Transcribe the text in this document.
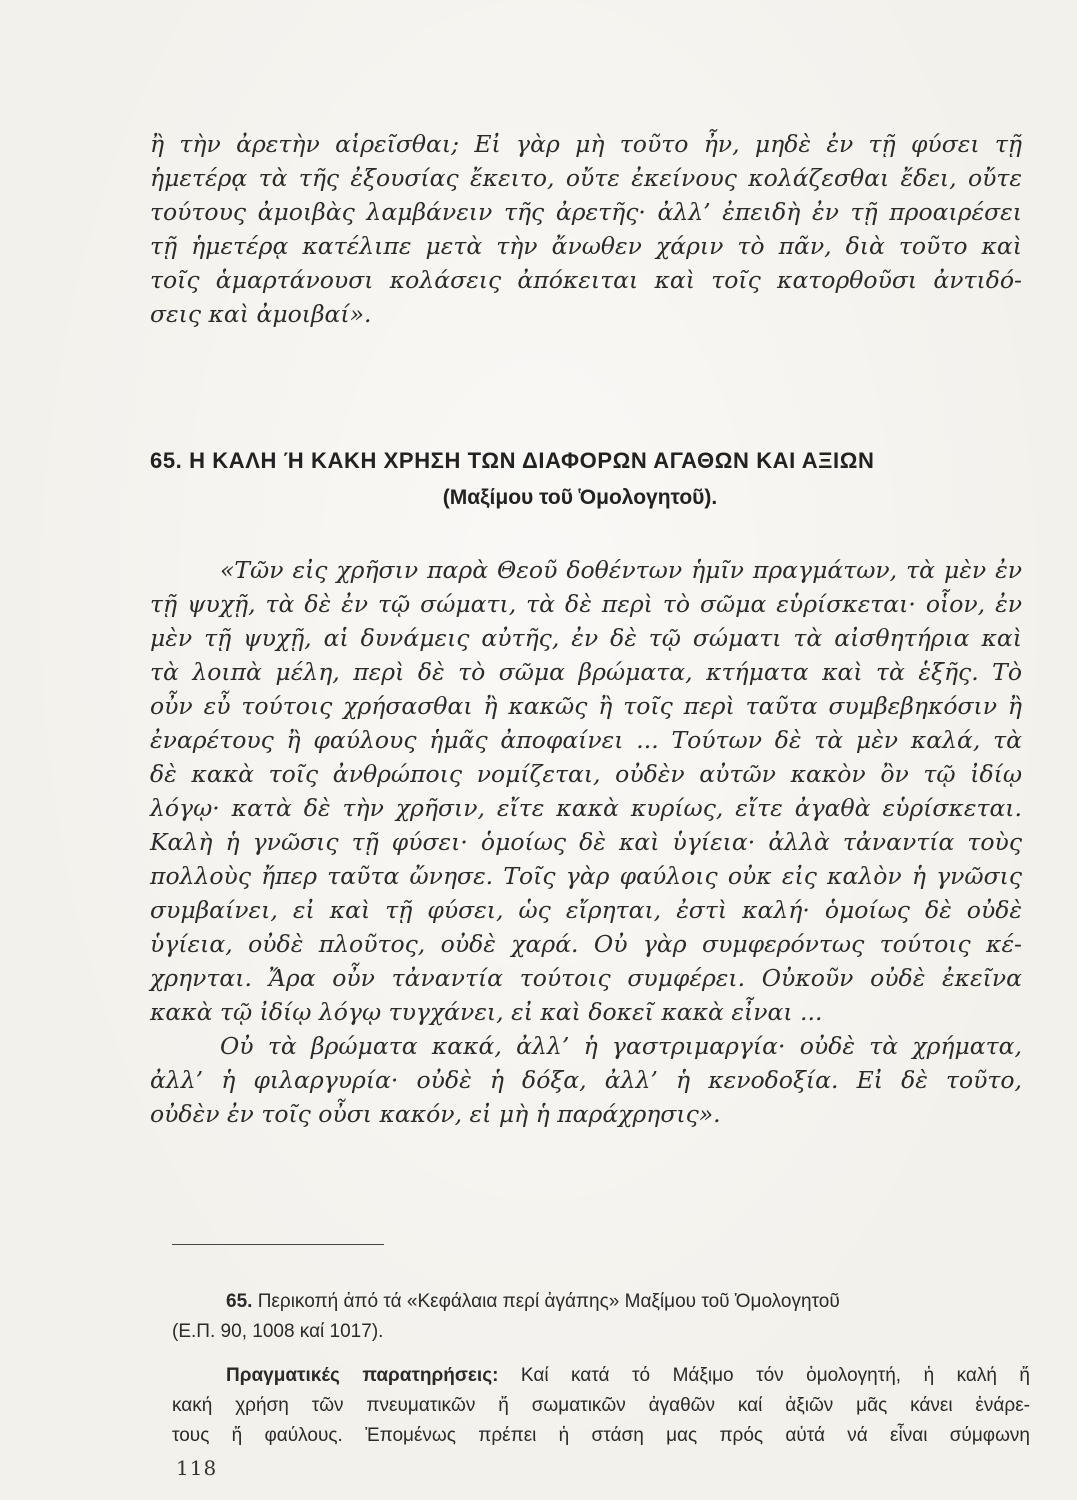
ἢ τὴν ἀρετὴν αἱρεῖσθαι; Εἰ γὰρ μὴ τοῦτο ἦν, μηδὲ ἐν τῇ φύσει τῇ
ἡμετέρᾳ τὰ τῆς ἐξουσίας ἔκειτο, οὔτε ἐκείνους κολάζεσθαι ἔδει, οὔτε
τούτους ἀμοιβὰς λαμβάνειν τῆς ἀρετῆς· ἀλλ’ ἐπειδὴ ἐν τῇ προαιρέσει
τῇ ἡμετέρᾳ κατέλιπε μετὰ τὴν ἄνωθεν χάριν τὸ πᾶν, διὰ τοῦτο καὶ
τοῖς ἁμαρτάνουσι κολάσεις ἀπόκειται καὶ τοῖς κατορθοῦσι ἀντιδό-
σεις καὶ ἀμοιβαί».
65. Η ΚΑΛΗ Ή ΚΑΚΗ ΧΡΗΣΗ ΤΩΝ ΔΙΑΦΟΡΩΝ ΑΓΑΘΩΝ ΚΑΙ ΑΞΙΩΝ
(Μαξίμου τοῦ Ὁμολογητοῦ).
«Τῶν εἰς χρῆσιν παρὰ Θεοῦ δοθέντων ἡμῖν πραγμάτων, τὰ μὲν ἐν
τῇ ψυχῇ, τὰ δὲ ἐν τῷ σώματι, τὰ δὲ περὶ τὸ σῶμα εὑρίσκεται· οἷον, ἐν
μὲν τῇ ψυχῇ, αἱ δυνάμεις αὐτῆς, ἐν δὲ τῷ σώματι τὰ αἰσθητήρια καὶ
τὰ λοιπὰ μέλη, περὶ δὲ τὸ σῶμα βρώματα, κτήματα καὶ τὰ ἑξῆς. Τὸ
οὖν εὖ τούτοις χρήσασθαι ἢ κακῶς ἢ τοῖς περὶ ταῦτα συμβεβηκόσιν ἢ
ἐναρέτους ἢ φαύλους ἡμᾶς ἀποφαίνει ... Τούτων δὲ τὰ μὲν καλά, τὰ
δὲ κακὰ τοῖς ἀνθρώποις νομίζεται, οὐδὲν αὐτῶν κακὸν ὂν τῷ ἰδίῳ
λόγῳ· κατὰ δὲ τὴν χρῆσιν, εἴτε κακὰ κυρίως, εἴτε ἀγαθὰ εὑρίσκεται.
Καλὴ ἡ γνῶσις τῇ φύσει· ὁμοίως δὲ καὶ ὑγίεια· ἀλλὰ τἀναντία τοὺς
πολλοὺς ἤπερ ταῦτα ὤνησε. Τοῖς γὰρ φαύλοις οὐκ εἰς καλὸν ἡ γνῶσις
συμβαίνει, εἰ καὶ τῇ φύσει, ὡς εἴρηται, ἐστὶ καλή· ὁμοίως δὲ οὐδὲ
ὑγίεια, οὐδὲ πλοῦτος, οὐδὲ χαρά. Οὐ γὰρ συμφερόντως τούτοις κέ-
χρηνται. Ἄρα οὖν τἀναντία τούτοις συμφέρει. Οὐκοῦν οὐδὲ ἐκεῖνα
κακὰ τῷ ἰδίῳ λόγῳ τυγχάνει, εἰ καὶ δοκεῖ κακὰ εἶναι ...
Οὐ τὰ βρώματα κακά, ἀλλ’ ἡ γαστριμαργία· οὐδὲ τὰ χρήματα,
ἀλλ’ ἡ φιλαργυρία· οὐδὲ ἡ δόξα, ἀλλ’ ἡ κενοδοξία. Εἰ δὲ τοῦτο,
οὐδὲν ἐν τοῖς οὖσι κακόν, εἰ μὴ ἡ παράχρησις».
65. Περικοπή ἀπό τά «Κεφάλαια περί ἀγάπης» Μαξίμου τοῦ Ὁμολογητοῦ
(Ε.Π. 90, 1008 καί 1017).
Πραγματικές παρατηρήσεις: Καί κατά τό Μάξιμο τόν ὁμολογητή, ἡ καλή ἤ
κακή χρήση τῶν πνευματικῶν ἤ σωματικῶν ἀγαθῶν καί ἀξιῶν μᾶς κάνει ἐνάρε-
τους ἤ φαύλους. Ἐπομένως πρέπει ἡ στάση μας πρός αὐτά νά εἶναι σύμφωνη
118
